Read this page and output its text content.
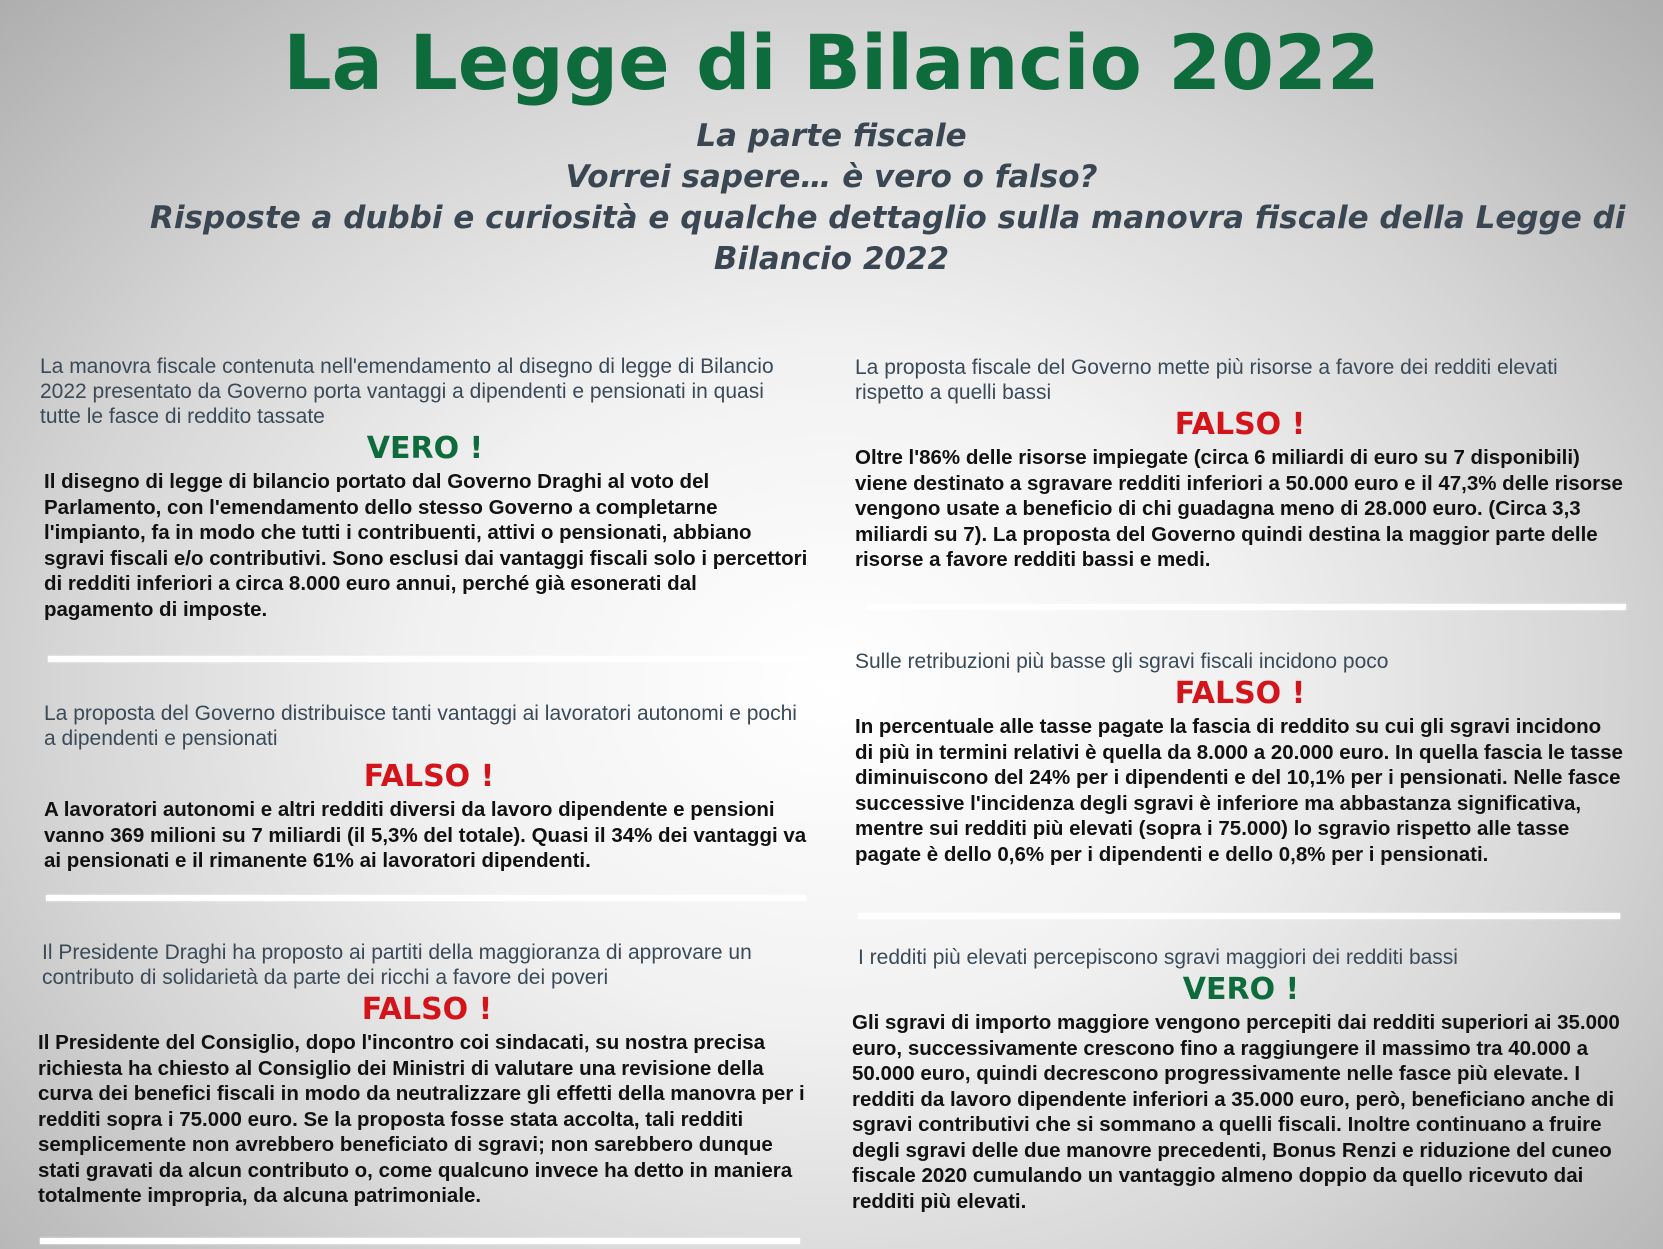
La Legge di Bilancio 2022
La parte fiscale
Vorrei sapere… è vero o falso?
Risposte a dubbi e curiosità e qualche dettaglio sulla manovra fiscale della Legge di
Bilancio 2022

La manovra fiscale contenuta nell'emendamento al disegno di legge di Bilancio 2022 presentato da Governo porta vantaggi a dipendenti e pensionati in quasi tutte le fasce di reddito tassate

VERO !

Il disegno di legge di bilancio portato dal Governo Draghi al voto del Parlamento, con l'emendamento dello stesso Governo a completarne l'impianto, fa in modo che tutti i contribuenti, attivi o pensionati, abbiano sgravi fiscali e/o contributivi. Sono esclusi dai vantaggi fiscali solo i percettori di redditi inferiori a circa 8.000 euro annui, perché già esonerati dal pagamento di imposte.

La proposta del Governo distribuisce tanti vantaggi ai lavoratori autonomi e pochi a dipendenti e pensionati

FALSO !

A lavoratori autonomi e altri redditi diversi da lavoro dipendente e pensioni vanno 369 milioni su 7 miliardi (il 5,3% del totale). Quasi il 34% dei vantaggi va ai pensionati e il rimanente 61% ai lavoratori dipendenti.

Il Presidente Draghi ha proposto ai partiti della maggioranza di approvare un contributo di solidarietà da parte dei ricchi a favore dei poveri

FALSO !

Il Presidente del Consiglio, dopo l'incontro coi sindacati, su nostra precisa richiesta ha chiesto al Consiglio dei Ministri di valutare una revisione della curva dei benefici fiscali in modo da neutralizzare gli effetti della manovra per i redditi sopra i 75.000 euro. Se la proposta fosse stata accolta, tali redditi semplicemente non avrebbero beneficiato di sgravi; non sarebbero dunque stati gravati da alcun contributo o, come qualcuno invece ha detto in maniera totalmente impropria, da alcuna patrimoniale.

La proposta fiscale del Governo mette più risorse a favore dei redditi elevati rispetto a quelli bassi

FALSO !

Oltre l'86% delle risorse impiegate (circa 6 miliardi di euro su 7 disponibili) viene destinato a sgravare redditi inferiori a 50.000 euro e il 47,3% delle risorse vengono usate a beneficio di chi guadagna meno di 28.000 euro. (Circa 3,3 miliardi su 7). La proposta del Governo quindi destina la maggior parte delle risorse a favore redditi bassi e medi.

Sulle retribuzioni più basse gli sgravi fiscali incidono poco

FALSO !

In percentuale alle tasse pagate la fascia di reddito su cui gli sgravi incidono di più in termini relativi è quella da 8.000 a 20.000 euro. In quella fascia le tasse diminuiscono del 24% per i dipendenti e del 10,1% per i pensionati. Nelle fasce successive l'incidenza degli sgravi è inferiore ma abbastanza significativa, mentre sui redditi più elevati (sopra i 75.000) lo sgravio rispetto alle tasse pagate è dello 0,6% per i dipendenti e dello 0,8% per i pensionati.

I redditi più elevati percepiscono sgravi maggiori dei redditi bassi

VERO !

Gli sgravi di importo maggiore vengono percepiti dai redditi superiori ai 35.000 euro, successivamente crescono fino a raggiungere il massimo tra 40.000 a 50.000 euro, quindi decrescono progressivamente nelle fasce più elevate. I redditi da lavoro dipendente inferiori a 35.000 euro, però, beneficiano anche di sgravi contributivi che si sommano a quelli fiscali. Inoltre continuano a fruire degli sgravi delle due manovre precedenti, Bonus Renzi e riduzione del cuneo fiscale 2020 cumulando un vantaggio almeno doppio da quello ricevuto dai redditi più elevati.
